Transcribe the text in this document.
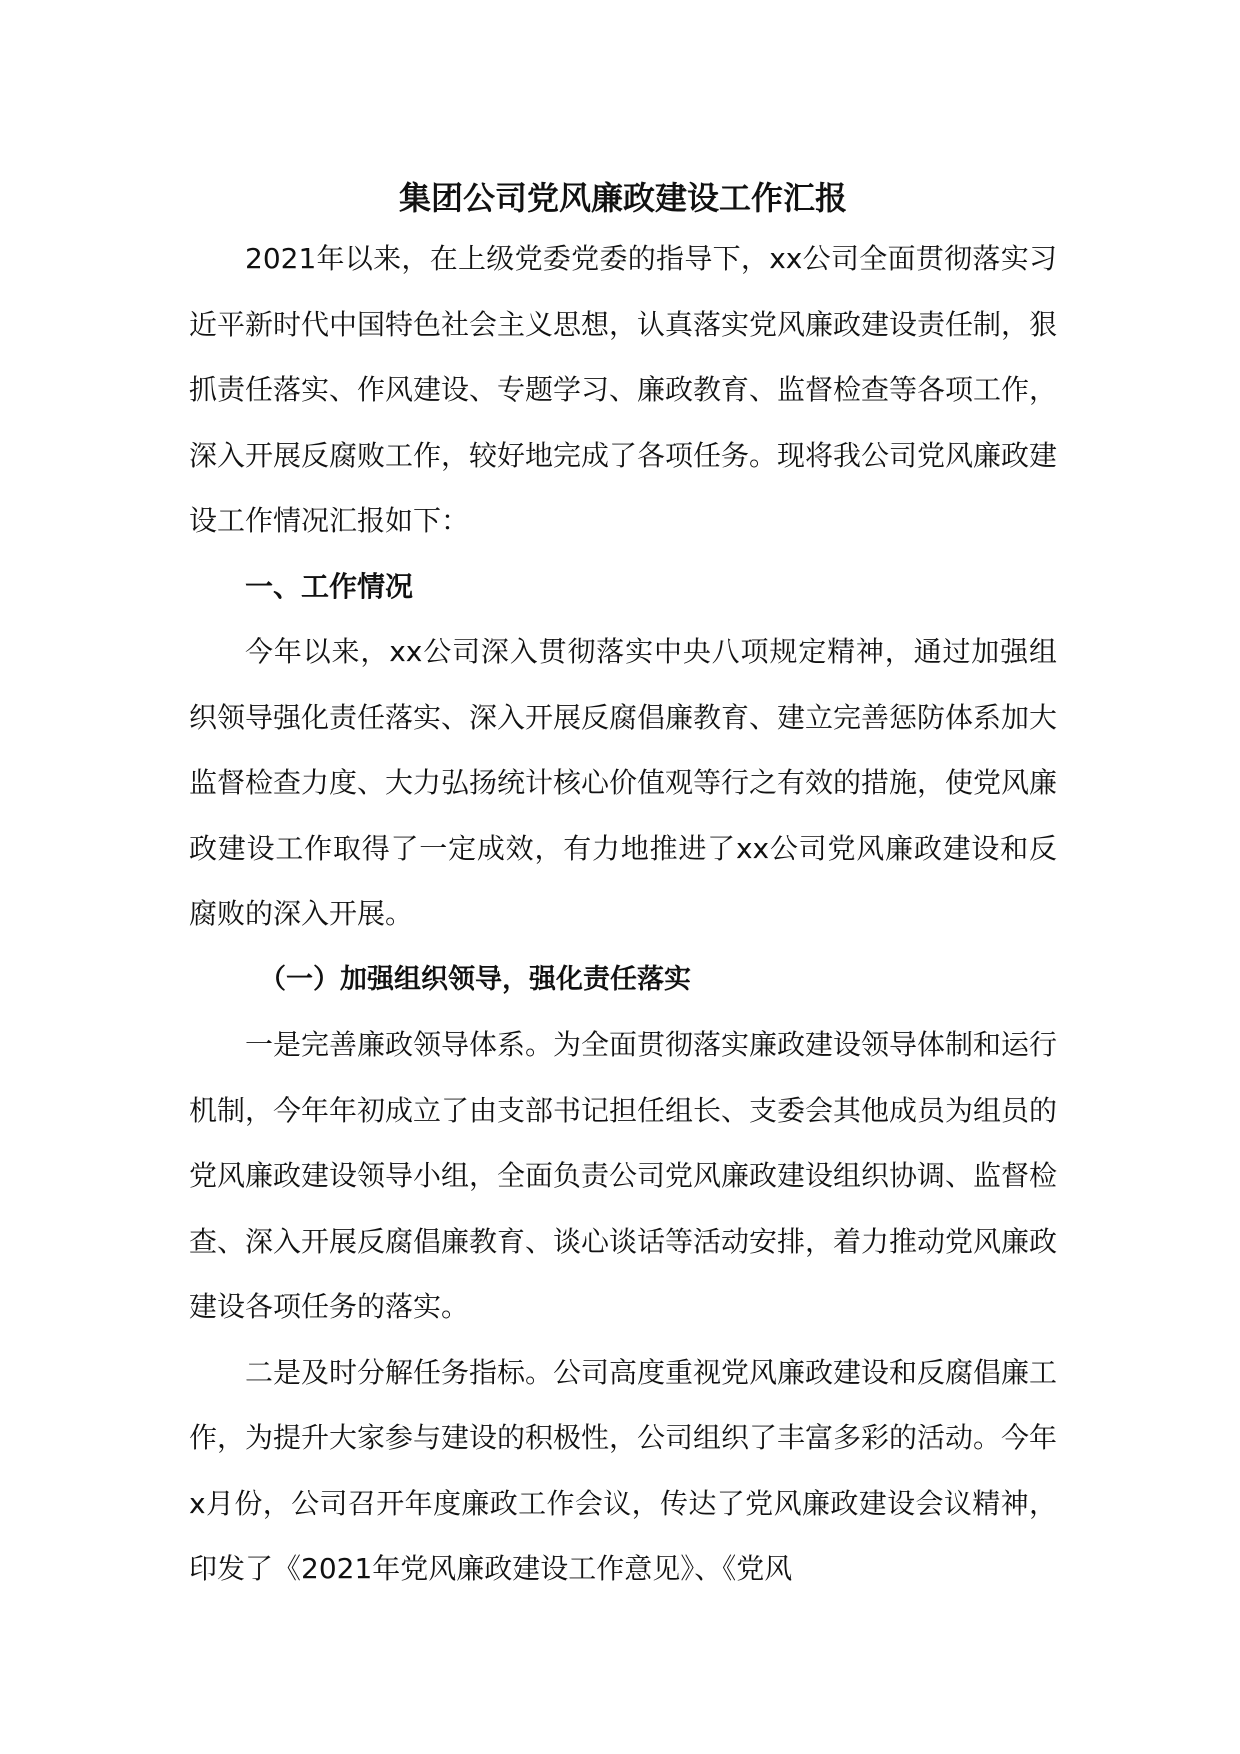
集团公司党风廉政建设工作汇报

2021年以来，在上级党委党委的指导下，xx公司全面贯彻落实习近平新时代中国特色社会主义思想，认真落实党风廉政建设责任制，狠抓责任落实、作风建设、专题学习、廉政教育、监督检查等各项工作，深入开展反腐败工作，较好地完成了各项任务。现将我公司党风廉政建设工作情况汇报如下：

一、工作情况

今年以来，xx公司深入贯彻落实中央八项规定精神，通过加强组织领导强化责任落实、深入开展反腐倡廉教育、建立完善惩防体系加大监督检查力度、大力弘扬统计核心价值观等行之有效的措施，使党风廉政建设工作取得了一定成效，有力地推进了xx公司党风廉政建设和反腐败的深入开展。

（一）加强组织领导，强化责任落实

一是完善廉政领导体系。为全面贯彻落实廉政建设领导体制和运行机制，今年年初成立了由支部书记担任组长、支委会其他成员为组员的党风廉政建设领导小组，全面负责公司党风廉政建设组织协调、监督检查、深入开展反腐倡廉教育、谈心谈话等活动安排，着力推动党风廉政建设各项任务的落实。

二是及时分解任务指标。公司高度重视党风廉政建设和反腐倡廉工作，为提升大家参与建设的积极性，公司组织了丰富多彩的活动。今年x月份，公司召开年度廉政工作会议，传达了党风廉政建设会议精神，印发了《2021年党风廉政建设工作意见》、《党风
